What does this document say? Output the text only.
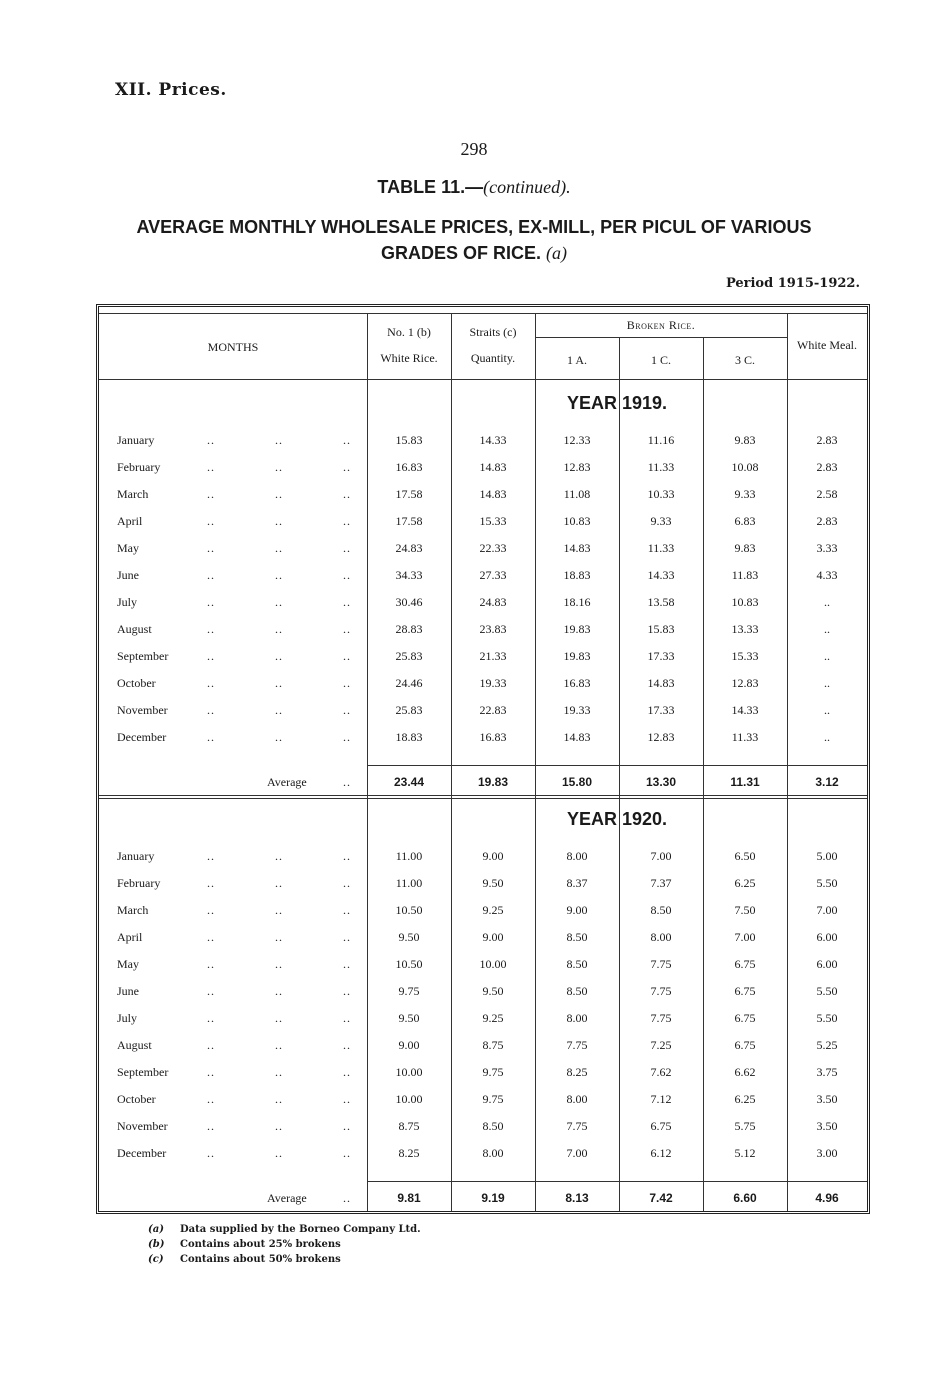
XII. Prices.
298
TABLE 11.—(continued).
AVERAGE MONTHLY WHOLESALE PRICES, EX-MILL, PER PICUL OF VARIOUS
GRADES OF RICE. (a)
Period 1915-1922.
MONTHS
No. 1 (b)
White Rice.
Straits (c)
Quantity.
Broken Rice.
1 A.	1 C.	3 C.
White Meal.
YEAR 1919.
January	..	..	..	15.83	14.33	12.33	11.16	9.83	2.83
February	..	..	..	16.83	14.83	12.83	11.33	10.08	2.83
March	..	..	..	17.58	14.83	11.08	10.33	9.33	2.58
April	..	..	..	17.58	15.33	10.83	9.33	6.83	2.83
May	..	..	..	24.83	22.33	14.83	11.33	9.83	3.33
June	..	..	..	34.33	27.33	18.83	14.33	11.83	4.33
July	..	..	..	30.46	24.83	18.16	13.58	10.83	..
August	..	..	..	28.83	23.83	19.83	15.83	13.33	..
September	..	..	..	25.83	21.33	19.83	17.33	15.33	..
October	..	..	..	24.46	19.33	16.83	14.83	12.83	..
November	..	..	..	25.83	22.83	19.33	17.33	14.33	..
December	..	..	..	18.83	16.83	14.83	12.83	11.33	..
Average	..	23.44	19.83	15.80	13.30	11.31	3.12
YEAR 1920.
January	..	..	..	11.00	9.00	8.00	7.00	6.50	5.00
February	..	..	..	11.00	9.50	8.37	7.37	6.25	5.50
March	..	..	..	10.50	9.25	9.00	8.50	7.50	7.00
April	..	..	..	9.50	9.00	8.50	8.00	7.00	6.00
May	..	..	..	10.50	10.00	8.50	7.75	6.75	6.00
June	..	..	..	9.75	9.50	8.50	7.75	6.75	5.50
July	..	..	..	9.50	9.25	8.00	7.75	6.75	5.50
August	..	..	..	9.00	8.75	7.75	7.25	6.75	5.25
September	..	..	..	10.00	9.75	8.25	7.62	6.62	3.75
October	..	..	..	10.00	9.75	8.00	7.12	6.25	3.50
November	..	..	..	8.75	8.50	7.75	6.75	5.75	3.50
December	..	..	..	8.25	8.00	7.00	6.12	5.12	3.00
Average	..	9.81	9.19	8.13	7.42	6.60	4.96
(a) Data supplied by the Borneo Company Ltd.
(b) Contains about 25% brokens
(c) Contains about 50% brokens
